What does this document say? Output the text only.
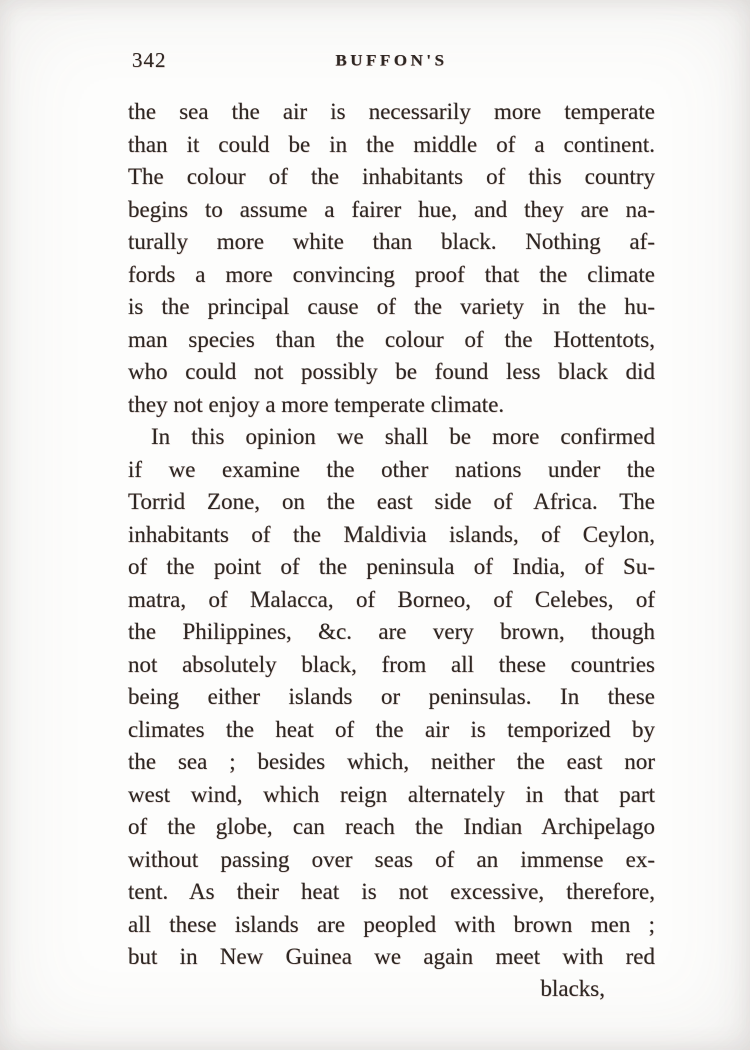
342	BUFFON'S
the sea the air is necessarily more temperate
than it could be in the middle of a continent.
The colour of the inhabitants of this country
begins to assume a fairer hue, and they are na-
turally more white than black. Nothing af-
fords a more convincing proof that the climate
is the principal cause of the variety in the hu-
man species than the colour of the Hottentots,
who could not possibly be found less black did
they not enjoy a more temperate climate.
In this opinion we shall be more confirmed
if we examine the other nations under the
Torrid Zone, on the east side of Africa. The
inhabitants of the Maldivia islands, of Ceylon,
of the point of the peninsula of India, of Su-
matra, of Malacca, of Borneo, of Celebes, of
the Philippines, &c. are very brown, though
not absolutely black, from all these countries
being either islands or peninsulas. In these
climates the heat of the air is temporized by
the sea ; besides which, neither the east nor
west wind, which reign alternately in that part
of the globe, can reach the Indian Archipelago
without passing over seas of an immense ex-
tent. As their heat is not excessive, therefore,
all these islands are peopled with brown men ;
but in New Guinea we again meet with red
blacks,
